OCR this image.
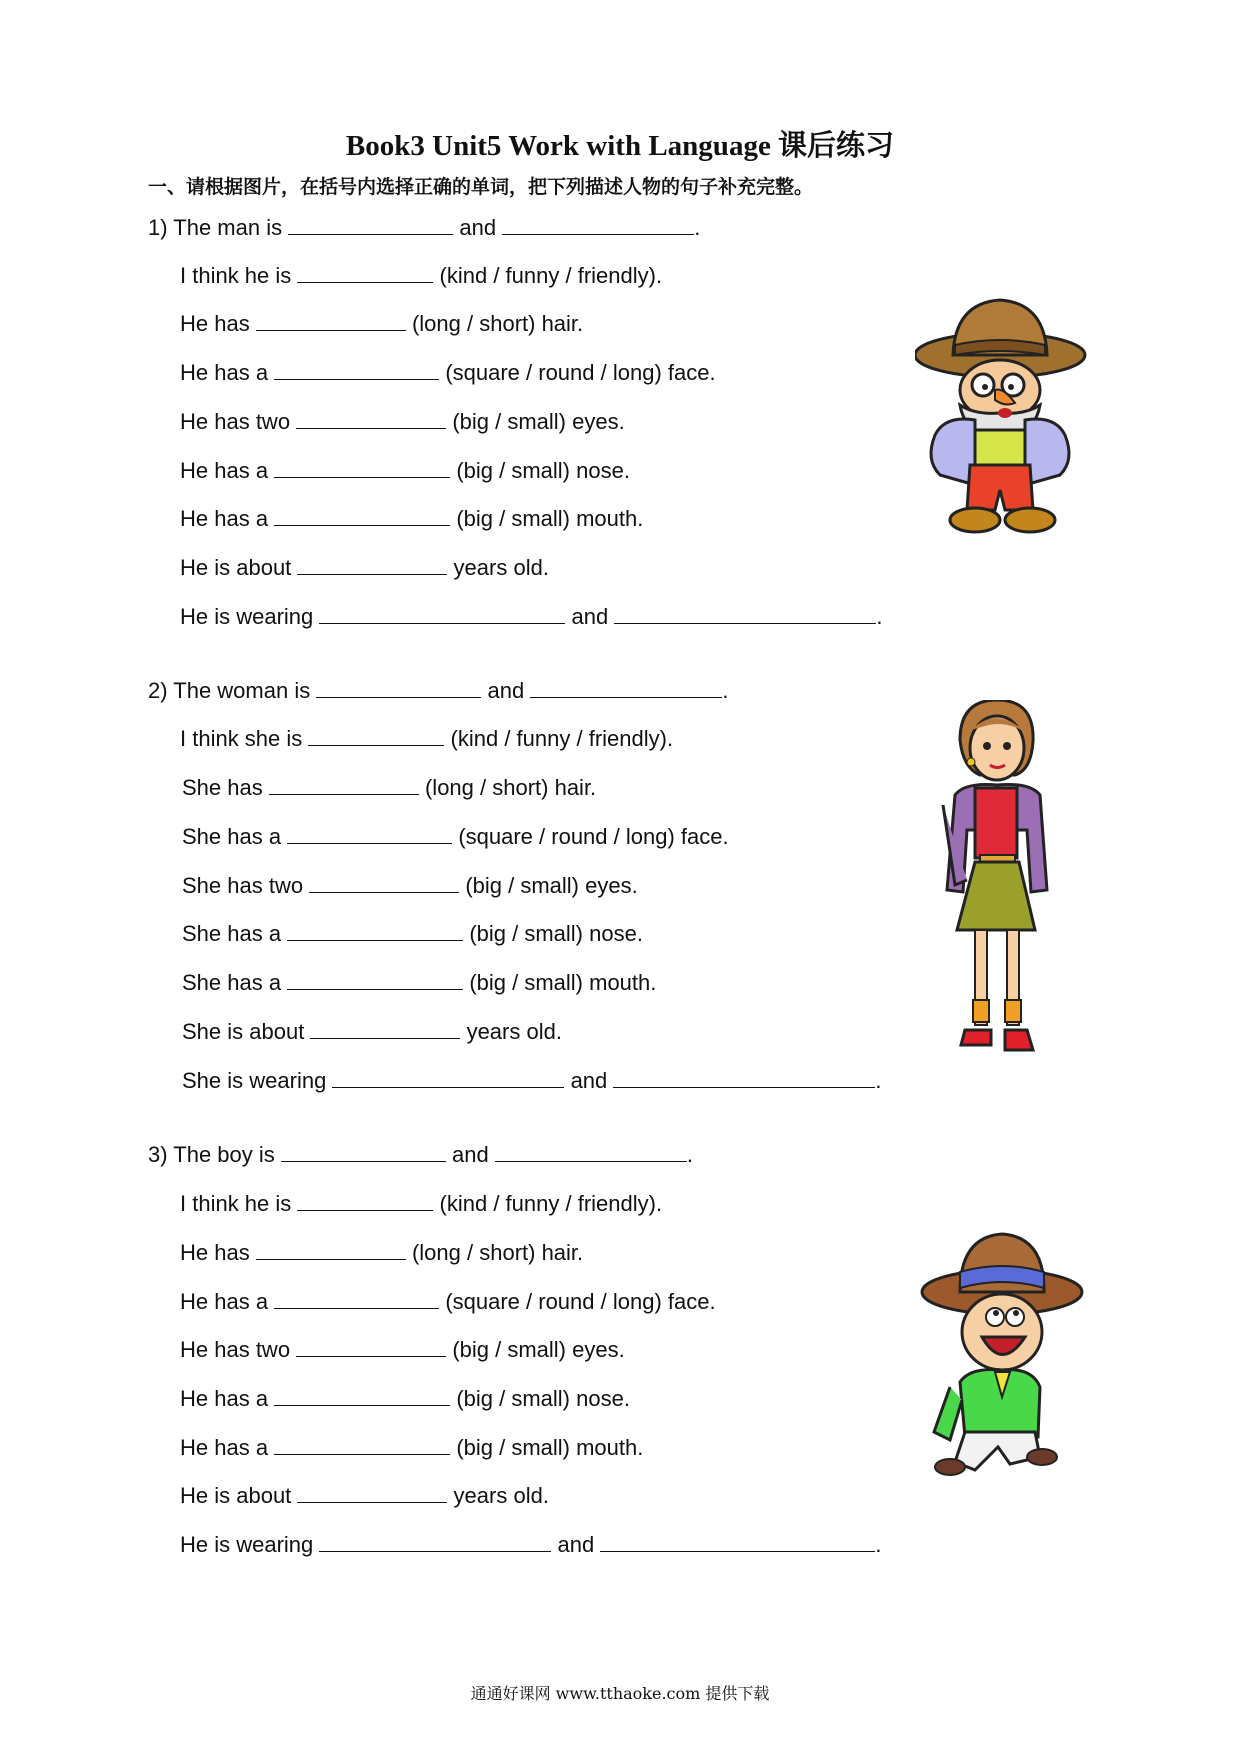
Book3 Unit5 Work with Language 课后练习
一、请根据图片，在括号内选择正确的单词，把下列描述人物的句子补充完整。
1) The man is	and	.
I think he is	(kind / funny / friendly).
He has	(long / short) hair.
He has a	(square / round / long) face.
He has two	(big / small) eyes.
He has a	(big / small) nose.
He has a	(big / small) mouth.
He is about	years old.
He is wearing	and	.
2) The woman is	and	.
I think she is	(kind / funny / friendly).
She has	(long / short) hair.
She has a	(square / round / long) face.
She has two	(big / small) eyes.
She has a	(big / small) nose.
She has a	(big / small) mouth.
She is about	years old.
She is wearing	and	.
3) The boy is	and	.
I think he is	(kind / funny / friendly).
He has	(long / short) hair.
He has a	(square / round / long) face.
He has two	(big / small) eyes.
He has a	(big / small) nose.
He has a	(big / small) mouth.
He is about	years old.
He is wearing	and	.
通通好课网 www.tthaoke.com 提供下载
